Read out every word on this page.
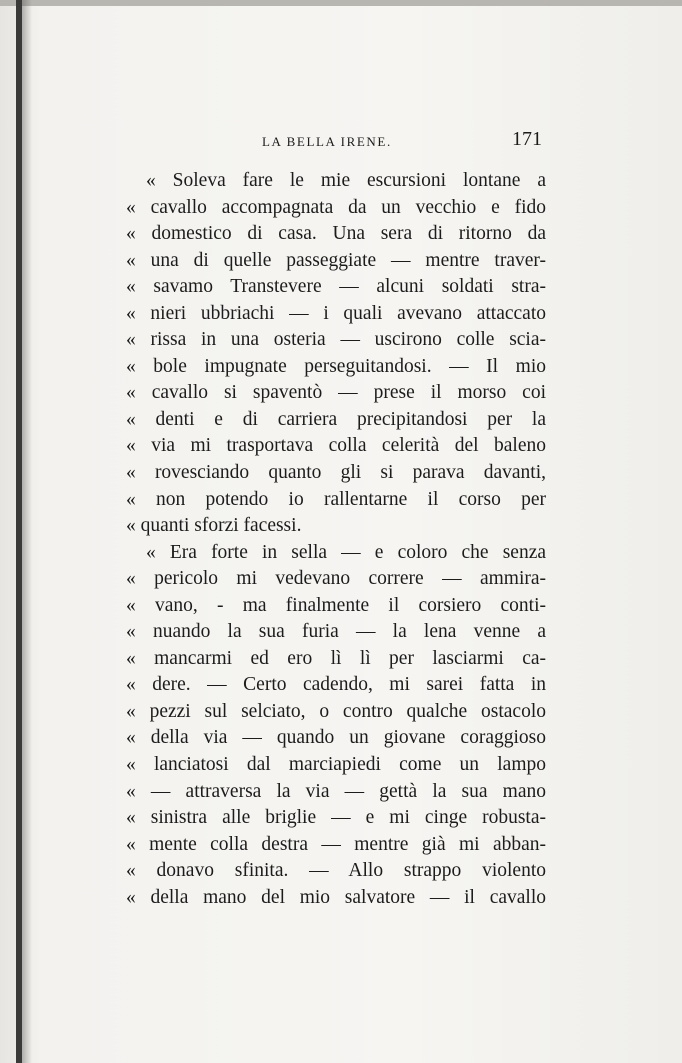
LA BELLA IRENE.	171
« Soleva fare le mie escursioni lontane a
« cavallo accompagnata da un vecchio e fido
« domestico di casa. Una sera di ritorno da
« una di quelle passeggiate — mentre traver-
« savamo Transtevere — alcuni soldati stra-
« nieri ubbriachi — i quali avevano attaccato
« rissa in una osteria — uscirono colle scia-
« bole impugnate perseguitandosi. — Il mio
« cavallo si spaventò — prese il morso coi
« denti e di carriera precipitandosi per la
« via mi trasportava colla celerità del baleno
« rovesciando quanto gli si parava davanti,
« non potendo io rallentarne il corso per
« quanti sforzi facessi.
« Era forte in sella — e coloro che senza
« pericolo mi vedevano correre — ammira-
« vano, - ma finalmente il corsiero conti-
« nuando la sua furia — la lena venne a
« mancarmi ed ero lì lì per lasciarmi ca-
« dere. — Certo cadendo, mi sarei fatta in
« pezzi sul selciato, o contro qualche ostacolo
« della via — quando un giovane coraggioso
« lanciatosi dal marciapiedi come un lampo
« — attraversa la via — gettà la sua mano
« sinistra alle briglie — e mi cinge robusta-
« mente colla destra — mentre già mi abban-
« donavo sfinita. — Allo strappo violento
« della mano del mio salvatore — il cavallo
